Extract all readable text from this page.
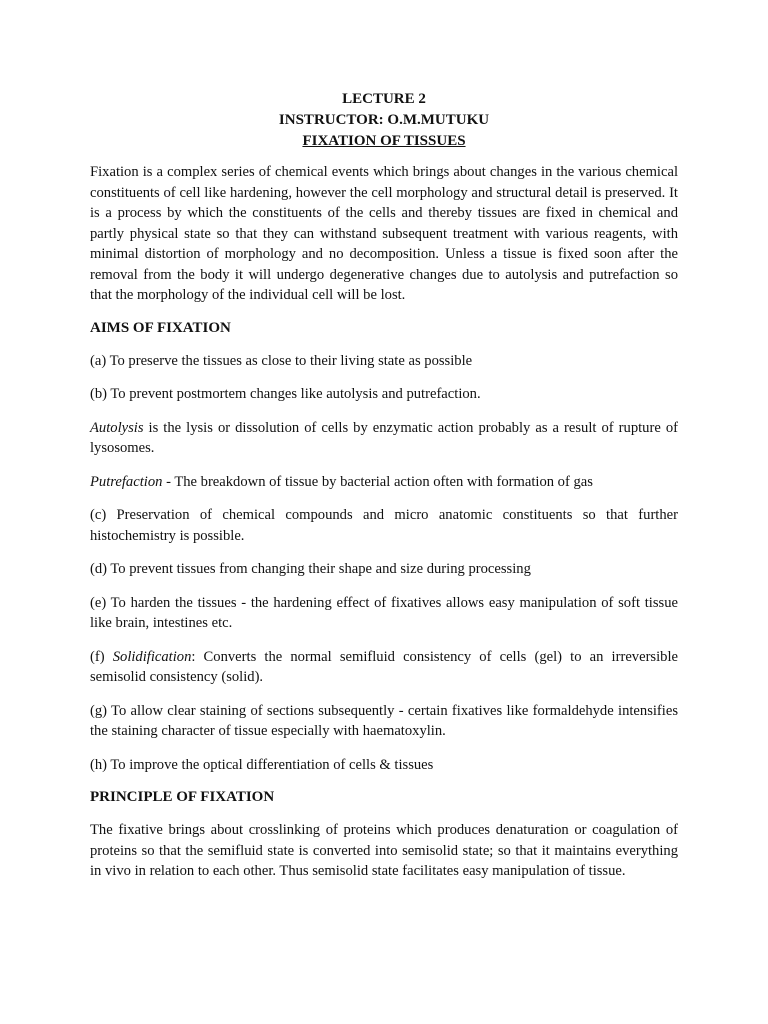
LECTURE 2
INSTRUCTOR: O.M.MUTUKU
FIXATION OF TISSUES

Fixation is a complex series of chemical events which brings about changes in the various chemical constituents of cell like hardening, however the cell morphology and structural detail is preserved. It is a process by which the constituents of the cells and thereby tissues are fixed in chemical and partly physical state so that they can withstand subsequent treatment with various reagents, with minimal distortion of morphology and no decomposition. Unless a tissue is fixed soon after the removal from the body it will undergo degenerative changes due to autolysis and putrefaction so that the morphology of the individual cell will be lost.

AIMS OF FIXATION

(a) To preserve the tissues as close to their living state as possible

(b) To prevent postmortem changes like autolysis and putrefaction.

Autolysis is the lysis or dissolution of cells by enzymatic action probably as a result of rupture of lysosomes.

Putrefaction - The breakdown of tissue by bacterial action often with formation of gas

(c) Preservation of chemical compounds and micro anatomic constituents so that further histochemistry is possible.

(d) To prevent tissues from changing their shape and size during processing

(e) To harden the tissues - the hardening effect of fixatives allows easy manipulation of soft tissue like brain, intestines etc.

(f) Solidification: Converts the normal semifluid consistency of cells (gel) to an irreversible semisolid consistency (solid).

(g) To allow clear staining of sections subsequently - certain fixatives like formaldehyde intensifies the staining character of tissue especially with haematoxylin.

(h) To improve the optical differentiation of cells & tissues

PRINCIPLE OF FIXATION

The fixative brings about crosslinking of proteins which produces denaturation or coagulation of proteins so that the semifluid state is converted into semisolid state; so that it maintains everything in vivo in relation to each other. Thus semisolid state facilitates easy manipulation of tissue.
